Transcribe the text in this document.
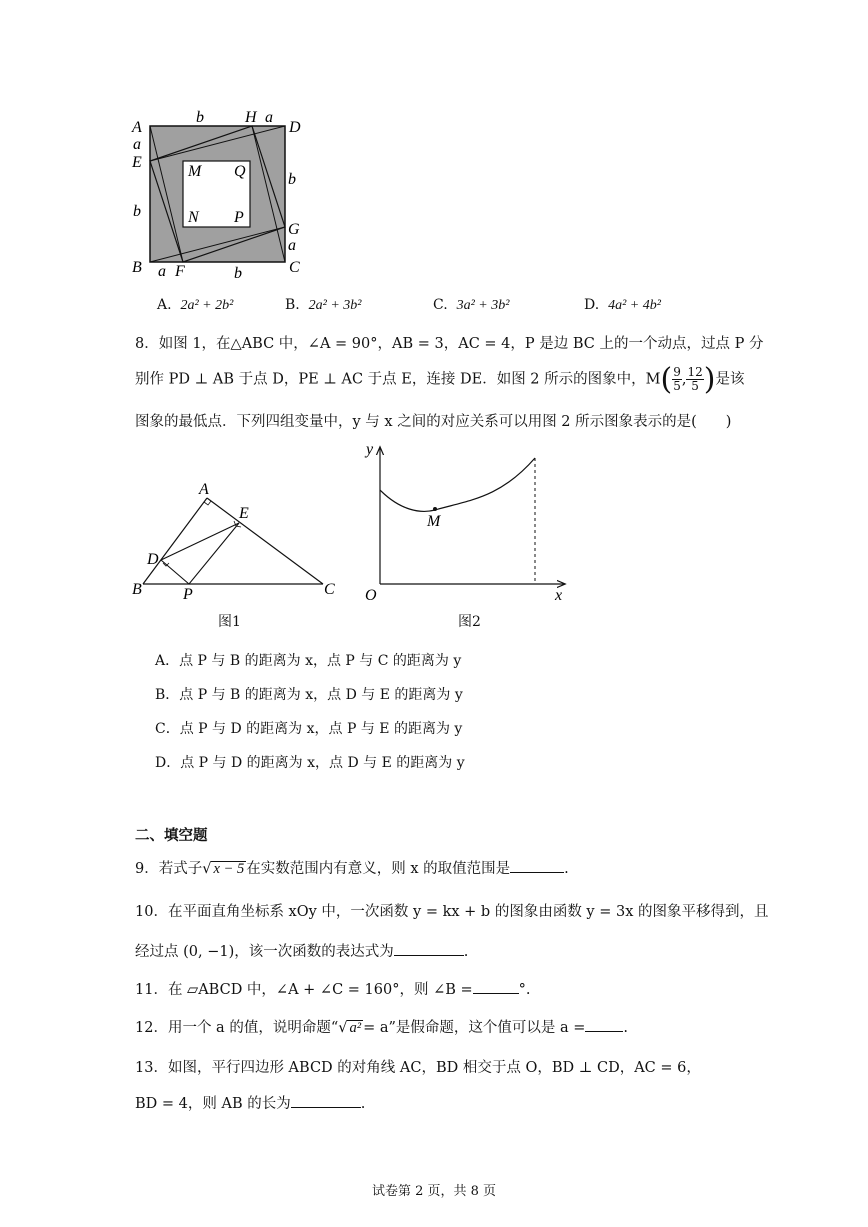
A	D
H
E
B	C
F
G
M Q
N P
b	a
a
b
b
a
a	b
A. 2a² + 2b²	B. 2a² + 3b²	C. 3a² + 3b²	D. 4a² + 4b²
8．如图 1，在△ABC 中，∠A = 90°，AB = 3，AC = 4，P 是边 BC 上的一个动点，过点 P 分
别作 PD ⊥ AB 于点 D，PE ⊥ AC 于点 E，连接 DE．如图 2 所示的图象中，$M( \frac{9}{5}$ , $\frac{12}{5}$ )是该
图象的最低点．下列四组变量中，y 与 x 之间的对应关系可以用图 2 所示图象表示的是(　　)
A
E
D
B	P	C
图1
y
M
O	x
图2
A．点 P 与 B 的距离为 x，点 P 与 C 的距离为 y
B．点 P 与 B 的距离为 x，点 D 与 E 的距离为 y
C．点 P 与 D 的距离为 x，点 P 与 E 的距离为 y
D．点 P 与 D 的距离为 x，点 D 与 E 的距离为 y
二、填空题
9．若式子√ x − 5 在实数范围内有意义，则 x 的取值范围是	.
10．在平面直角坐标系 xOy 中，一次函数 y = kx + b 的图象由函数 y = 3x 的图象平移得到，且
经过点 (0, −1)，该一次函数的表达式为	.
11．在 ▱ABCD 中，∠A + ∠C = 160°，则 ∠B =	°.
12．用一个 a 的值，说明命题“√ a² = a”是假命题，这个值可以是 a =	.
13．如图，平行四边形 ABCD 的对角线 AC，BD 相交于点 O，BD ⊥ CD，AC = 6，
BD = 4，则 AB 的长为	.
试卷第 2 页，共 8 页
